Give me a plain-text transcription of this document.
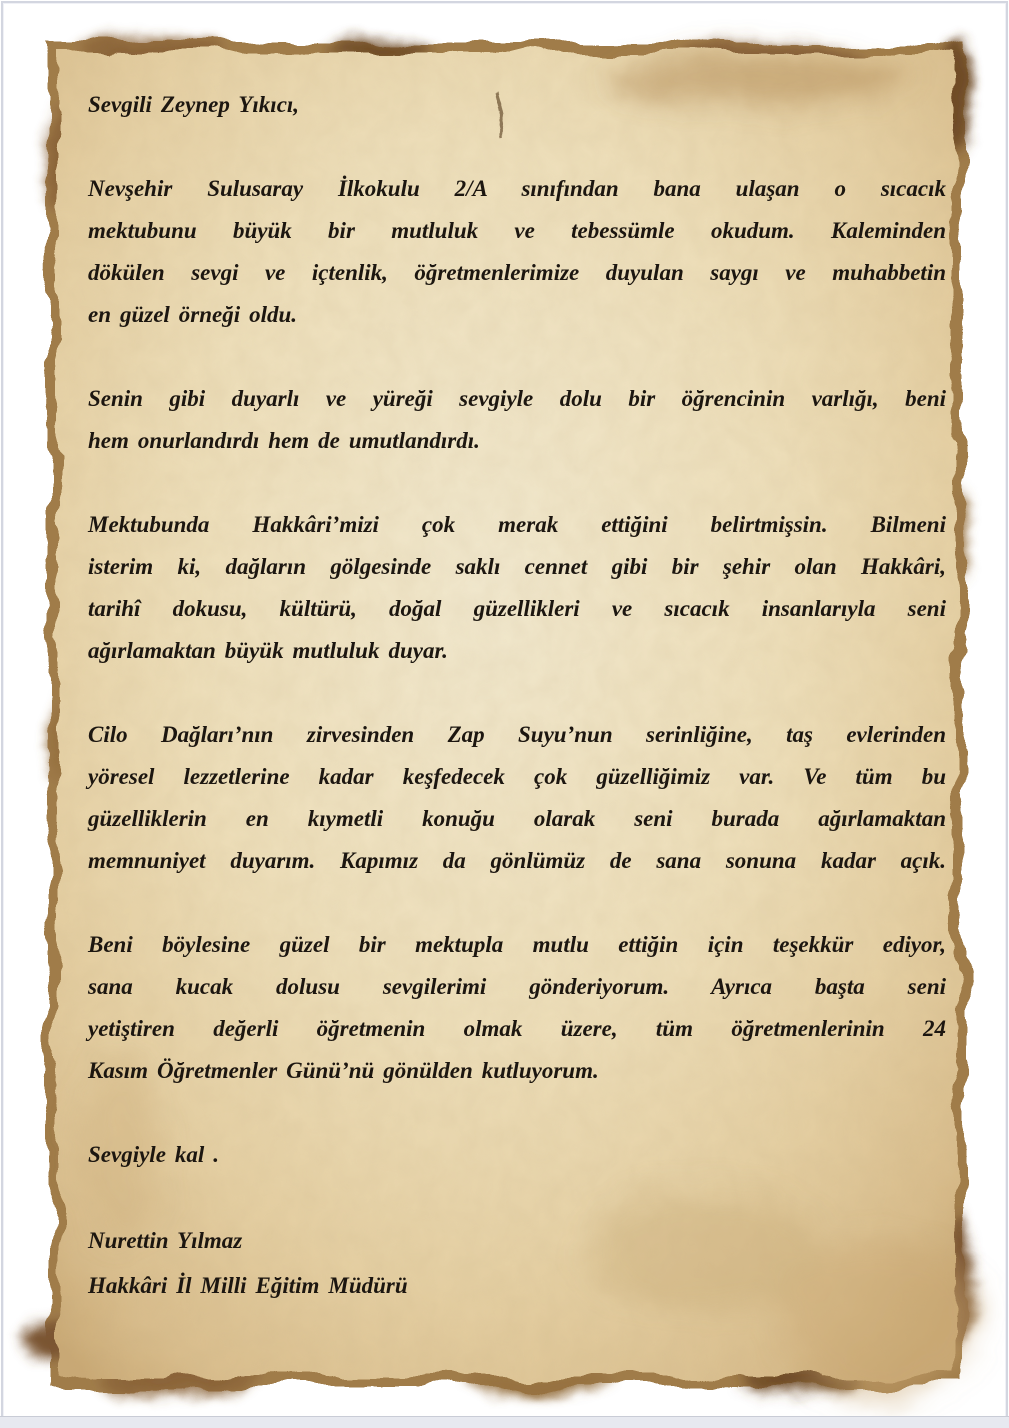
Sevgili Zeynep Yıkıcı,
Nevşehir Sulusaray İlkokulu 2/A sınıfından bana ulaşan o sıcacık
mektubunu büyük bir mutluluk ve tebessümle okudum. Kaleminden
dökülen sevgi ve içtenlik, öğretmenlerimize duyulan saygı ve muhabbetin
en güzel örneği oldu.
Senin gibi duyarlı ve yüreği sevgiyle dolu bir öğrencinin varlığı, beni
hem onurlandırdı hem de umutlandırdı.
Mektubunda Hakkâri’mizi çok merak ettiğini belirtmişsin. Bilmeni
isterim ki, dağların gölgesinde saklı cennet gibi bir şehir olan Hakkâri,
tarihî dokusu, kültürü, doğal güzellikleri ve sıcacık insanlarıyla seni
ağırlamaktan büyük mutluluk duyar.
Cilo Dağları’nın zirvesinden Zap Suyu’nun serinliğine, taş evlerinden
yöresel lezzetlerine kadar keşfedecek çok güzelliğimiz var. Ve tüm bu
güzelliklerin en kıymetli konuğu olarak seni burada ağırlamaktan
memnuniyet duyarım. Kapımız da gönlümüz de sana sonuna kadar açık.
Beni böylesine güzel bir mektupla mutlu ettiğin için teşekkür ediyor,
sana kucak dolusu sevgilerimi gönderiyorum. Ayrıca başta seni
yetiştiren değerli öğretmenin olmak üzere, tüm öğretmenlerinin 24
Kasım Öğretmenler Günü’nü gönülden kutluyorum.
Sevgiyle kal .
Nurettin Yılmaz
Hakkâri İl Milli Eğitim Müdürü
